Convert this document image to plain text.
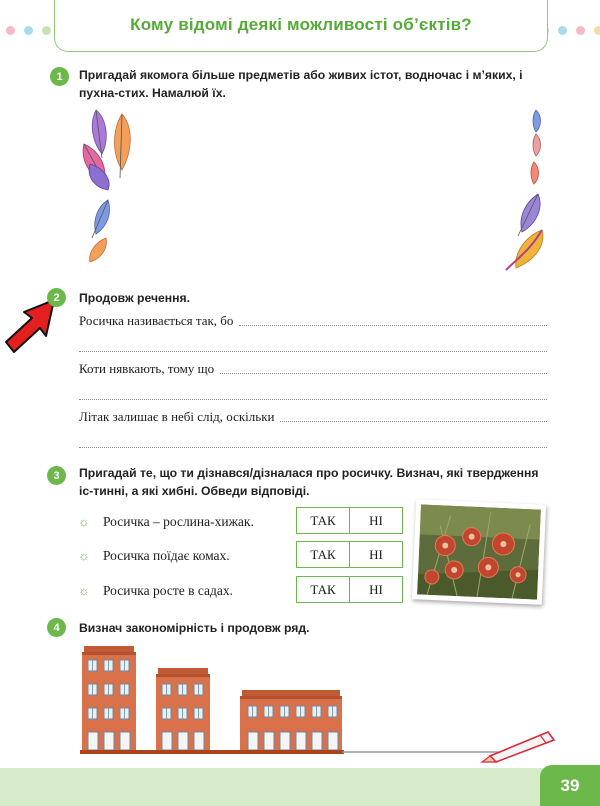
Кому відомі деякі можливості обʼєктів?
1	Пригадай якомога більше предметів або живих істот, водночас і мʼяких, і пухна-стих. Намалюй їх.
2	Продовж речення.
Росичка називається так, бо
Коти нявкають, тому що
Літак залишає в небі слід, оскільки
3	Пригадай те, що ти дізнався/дізналася про росичку. Визнач, які твердження іс-тинні, а які хибні. Обведи відповіді.
☼ Росичка – рослина-хижак.	ТАК	НІ
☼ Росичка поїдає комах.	ТАК	НІ
☼ Росичка росте в садах.	ТАК	НІ
4	Визнач закономірність і продовж ряд.
39
